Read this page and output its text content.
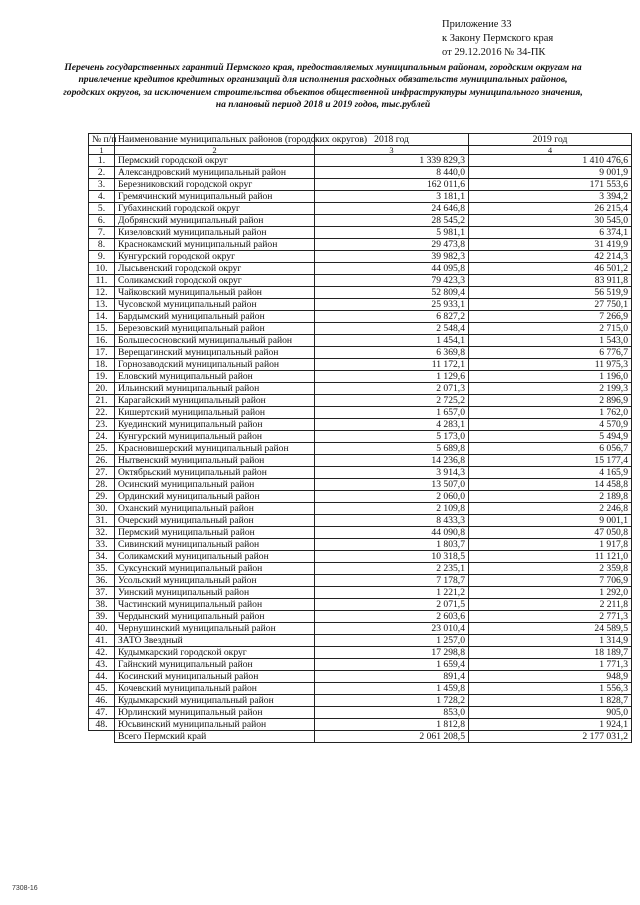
Приложение 33
к Закону Пермского края
от 29.12.2016 № 34-ПК
Перечень государственных гарантий Пермского края, предоставляемых муниципальным районам, городским округам на привлечение кредитов кредитных организаций для исполнения расходных обязательств муниципальных районов, городских округов, за исключением строительства объектов общественной инфраструктуры муниципального значения, на плановый период 2018 и 2019 годов, тыс.рублей
№ п/п	Наименование муниципальных районов (городских округов)	2018 год	2019 год
1	2	3	4
1.	Пермский городской округ	1 339 829,3	1 410 476,6
2.	Александровский муниципальный район	8 440,0	9 001,9
3.	Березниковский городской округ	162 011,6	171 553,6
4.	Гремячинский муниципальный район	3 181,1	3 394,2
5.	Губахинский городской округ	24 646,8	26 215,4
6.	Добрянский муниципальный район	28 545,2	30 545,0
7.	Кизеловский муниципальный район	5 981,1	6 374,1
8.	Краснокамский муниципальный район	29 473,8	31 419,9
9.	Кунгурский городской округ	39 982,3	42 214,3
10.	Лысьвенский городской округ	44 095,8	46 501,2
11.	Соликамский городской округ	79 423,3	83 911,8
12.	Чайковский муниципальный район	52 809,4	56 519,9
13.	Чусовской муниципальный район	25 933,1	27 750,1
14.	Бардымский муниципальный район	6 827,2	7 266,9
15.	Березовский муниципальный район	2 548,4	2 715,0
16.	Большесосновский муниципальный район	1 454,1	1 543,0
17.	Верещагинский муниципальный район	6 369,8	6 776,7
18.	Горнозаводский муниципальный район	11 172,1	11 975,3
19.	Еловский муниципальный район	1 129,6	1 196,0
20.	Ильинский муниципальный район	2 071,3	2 199,3
21.	Карагайский муниципальный район	2 725,2	2 896,9
22.	Кишертский муниципальный район	1 657,0	1 762,0
23.	Куединский муниципальный район	4 283,1	4 570,9
24.	Кунгурский муниципальный район	5 173,0	5 494,9
25.	Красновишерский муниципальный район	5 689,8	6 056,7
26.	Нытвенский муниципальный район	14 236,8	15 177,4
27.	Октябрьский муниципальный район	3 914,3	4 165,9
28.	Осинский муниципальный район	13 507,0	14 458,8
29.	Ординский муниципальный район	2 060,0	2 189,8
30.	Оханский муниципальный район	2 109,8	2 246,8
31.	Очерский муниципальный район	8 433,3	9 001,1
32.	Пермский муниципальный район	44 090,8	47 050,8
33.	Сивинский муниципальный район	1 803,7	1 917,8
34.	Соликамский муниципальный район	10 318,5	11 121,0
35.	Суксунский муниципальный район	2 235,1	2 359,8
36.	Усольский муниципальный район	7 178,7	7 706,9
37.	Уинский муниципальный район	1 221,2	1 292,0
38.	Частинский муниципальный район	2 071,5	2 211,8
39.	Чердынский муниципальный район	2 603,6	2 771,3
40.	Чернушинский муниципальный район	23 010,4	24 589,5
41.	ЗАТО Звездный	1 257,0	1 314,9
42.	Кудымкарский городской округ	17 298,8	18 189,7
43.	Гайнский муниципальный район	1 659,4	1 771,3
44.	Косинский муниципальный район	891,4	948,9
45.	Кочевский муниципальный район	1 459,8	1 556,3
46.	Кудымкарский муниципальный район	1 728,2	1 828,7
47.	Юрлинский муниципальный район	853,0	905,0
48.	Юсьвинский муниципальный район	1 812,8	1 924,1
	Всего Пермский край	2 061 208,5	2 177 031,2
7308-16
